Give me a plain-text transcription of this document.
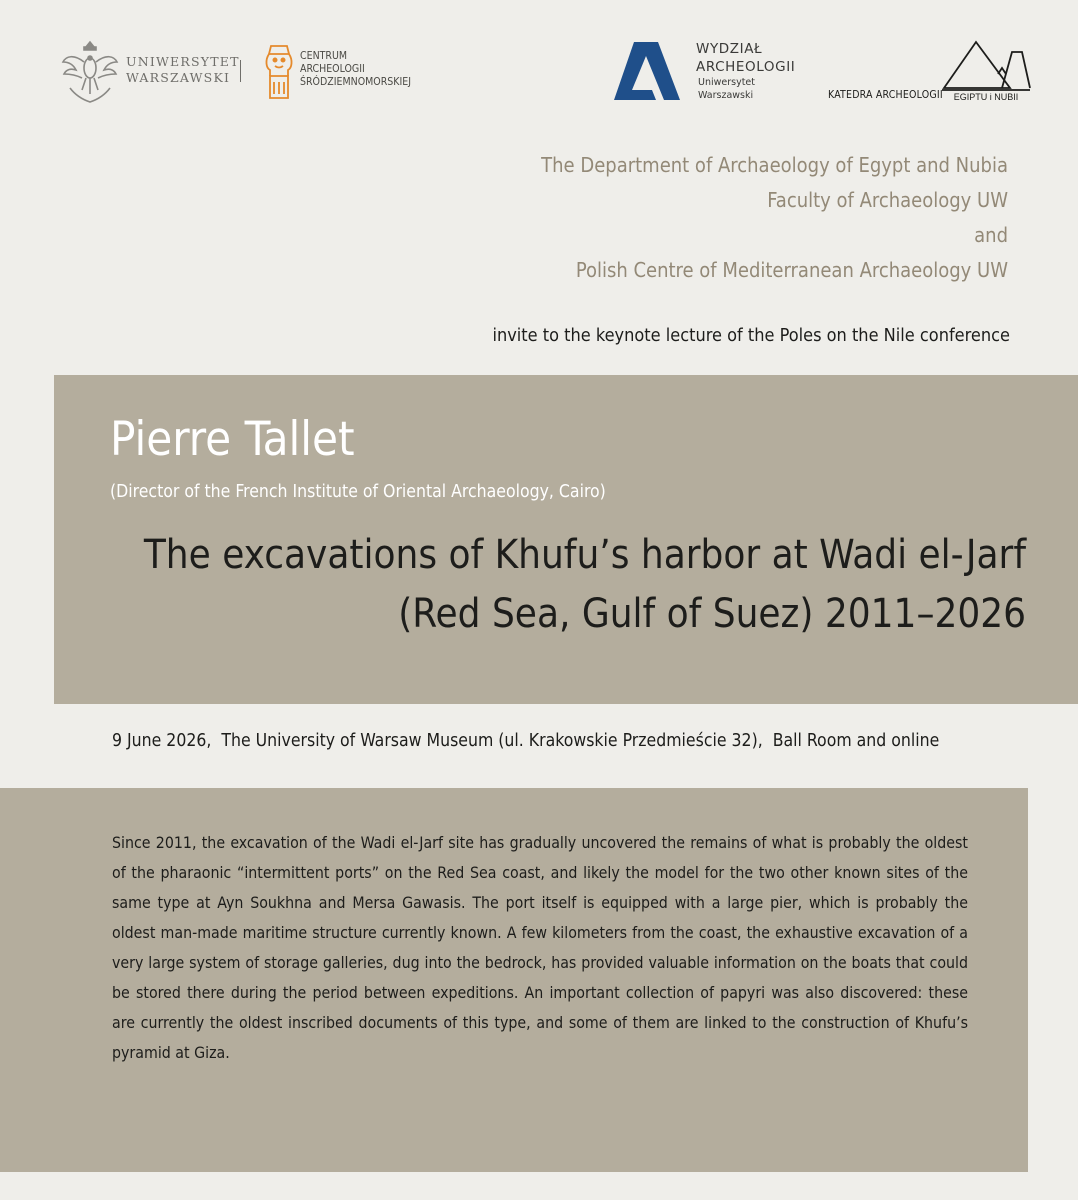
UNIWERSYTET
WARSZAWSKI
CENTRUM
ARCHEOLOGII
ŚRÓDZIEMNOMORSKIEJ
WYDZIAŁ
ARCHEOLOGII
Uniwersytet
Warszawski	KATEDRA ARCHEOLOGII EGIPTU i NUBII
The Department of Archaeology of Egypt and Nubia
Faculty of Archaeology UW
and
Polish Centre of Mediterranean Archaeology UW
invite to the keynote lecture of the Poles on the Nile conference
Pierre Tallet
(Director of the French Institute of Oriental Archaeology, Cairo)
The excavations of Khufu’s harbor at Wadi el-Jarf
(Red Sea, Gulf of Suez) 2011–2026
9 June 2026,  The University of Warsaw Museum (ul. Krakowskie Przedmieście 32),  Ball Room and online
Since 2011, the excavation of the Wadi el-Jarf site has gradually uncovered the remains of what is probably the oldest of the pharaonic “intermittent ports” on the Red Sea coast, and likely the model for the two other known sites of the same type at Ayn Soukhna and Mersa Gawasis. The port itself is equipped with a large pier, which is probably the oldest man-made maritime structure currently known. A few kilometers from the coast, the exhaustive excavation of a very large system of storage galleries, dug into the bedrock, has provided valuable information on the boats that could be stored there during the period between expeditions. An important collection of papyri was also discovered: these are currently the oldest inscribed documents of this type, and some of them are linked to the construction of Khufu’s pyramid at Giza.
